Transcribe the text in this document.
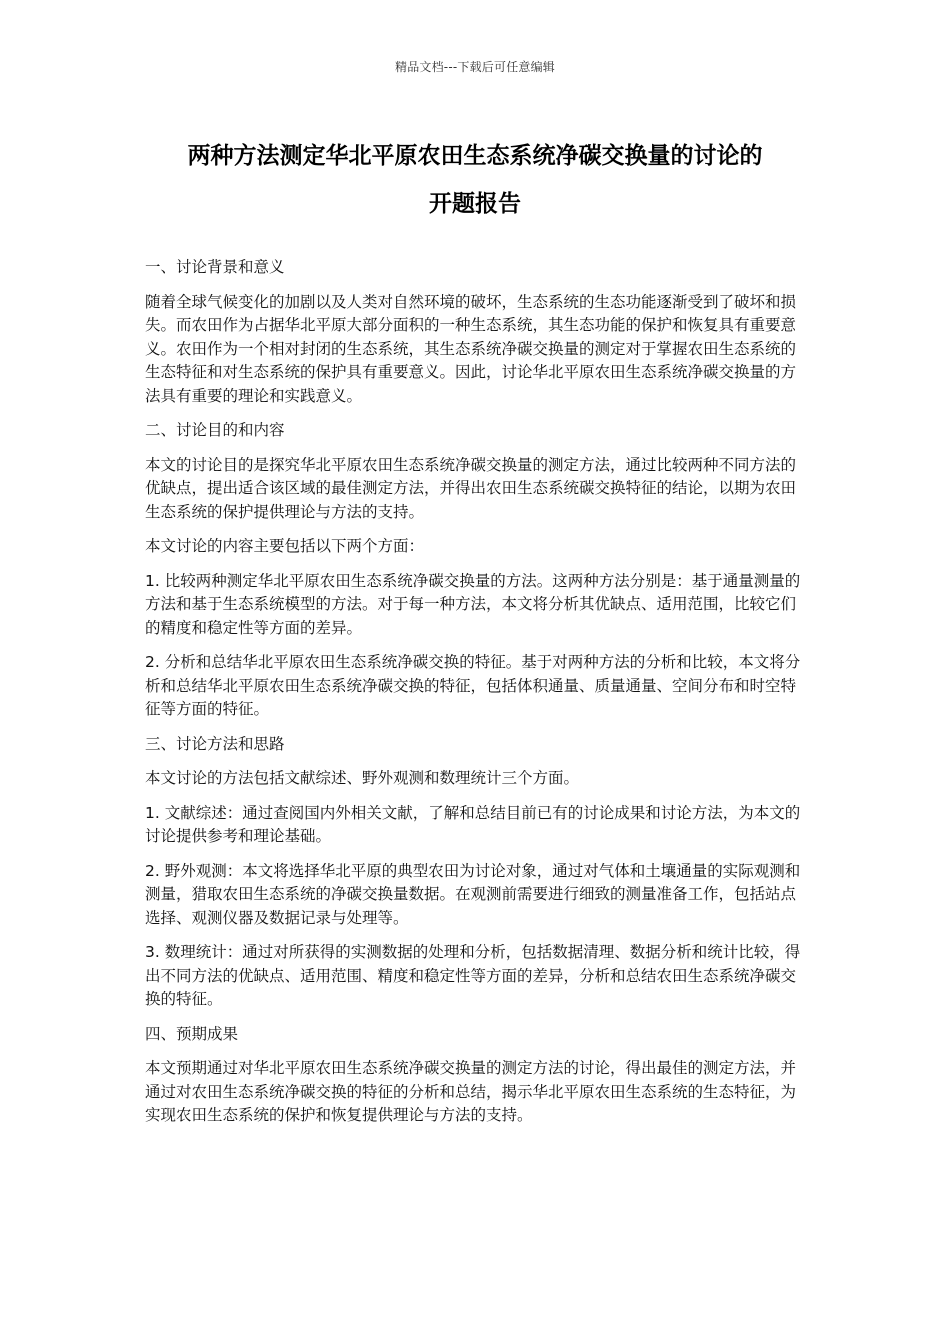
精品文档---下载后可任意编辑
两种方法测定华北平原农田生态系统净碳交换量的讨论的
开题报告

一、讨论背景和意义

随着全球气候变化的加剧以及人类对自然环境的破坏，生态系统的生态功能逐渐受到了破坏和损失。而农田作为占据华北平原大部分面积的一种生态系统，其生态功能的保护和恢复具有重要意义。农田作为一个相对封闭的生态系统，其生态系统净碳交换量的测定对于掌握农田生态系统的生态特征和对生态系统的保护具有重要意义。因此，讨论华北平原农田生态系统净碳交换量的方法具有重要的理论和实践意义。

二、讨论目的和内容

本文的讨论目的是探究华北平原农田生态系统净碳交换量的测定方法，通过比较两种不同方法的优缺点，提出适合该区域的最佳测定方法，并得出农田生态系统碳交换特征的结论，以期为农田生态系统的保护提供理论与方法的支持。

本文讨论的内容主要包括以下两个方面：

1. 比较两种测定华北平原农田生态系统净碳交换量的方法。这两种方法分别是：基于通量测量的方法和基于生态系统模型的方法。对于每一种方法，本文将分析其优缺点、适用范围，比较它们的精度和稳定性等方面的差异。

2. 分析和总结华北平原农田生态系统净碳交换的特征。基于对两种方法的分析和比较，本文将分析和总结华北平原农田生态系统净碳交换的特征，包括体积通量、质量通量、空间分布和时空特征等方面的特征。

三、讨论方法和思路

本文讨论的方法包括文献综述、野外观测和数理统计三个方面。

1. 文献综述：通过查阅国内外相关文献，了解和总结目前已有的讨论成果和讨论方法，为本文的讨论提供参考和理论基础。

2. 野外观测：本文将选择华北平原的典型农田为讨论对象，通过对气体和土壤通量的实际观测和测量，猎取农田生态系统的净碳交换量数据。在观测前需要进行细致的测量准备工作，包括站点选择、观测仪器及数据记录与处理等。

3. 数理统计：通过对所获得的实测数据的处理和分析，包括数据清理、数据分析和统计比较，得出不同方法的优缺点、适用范围、精度和稳定性等方面的差异，分析和总结农田生态系统净碳交换的特征。

四、预期成果

本文预期通过对华北平原农田生态系统净碳交换量的测定方法的讨论，得出最佳的测定方法，并通过对农田生态系统净碳交换的特征的分析和总结，揭示华北平原农田生态系统的生态特征，为实现农田生态系统的保护和恢复提供理论与方法的支持。
